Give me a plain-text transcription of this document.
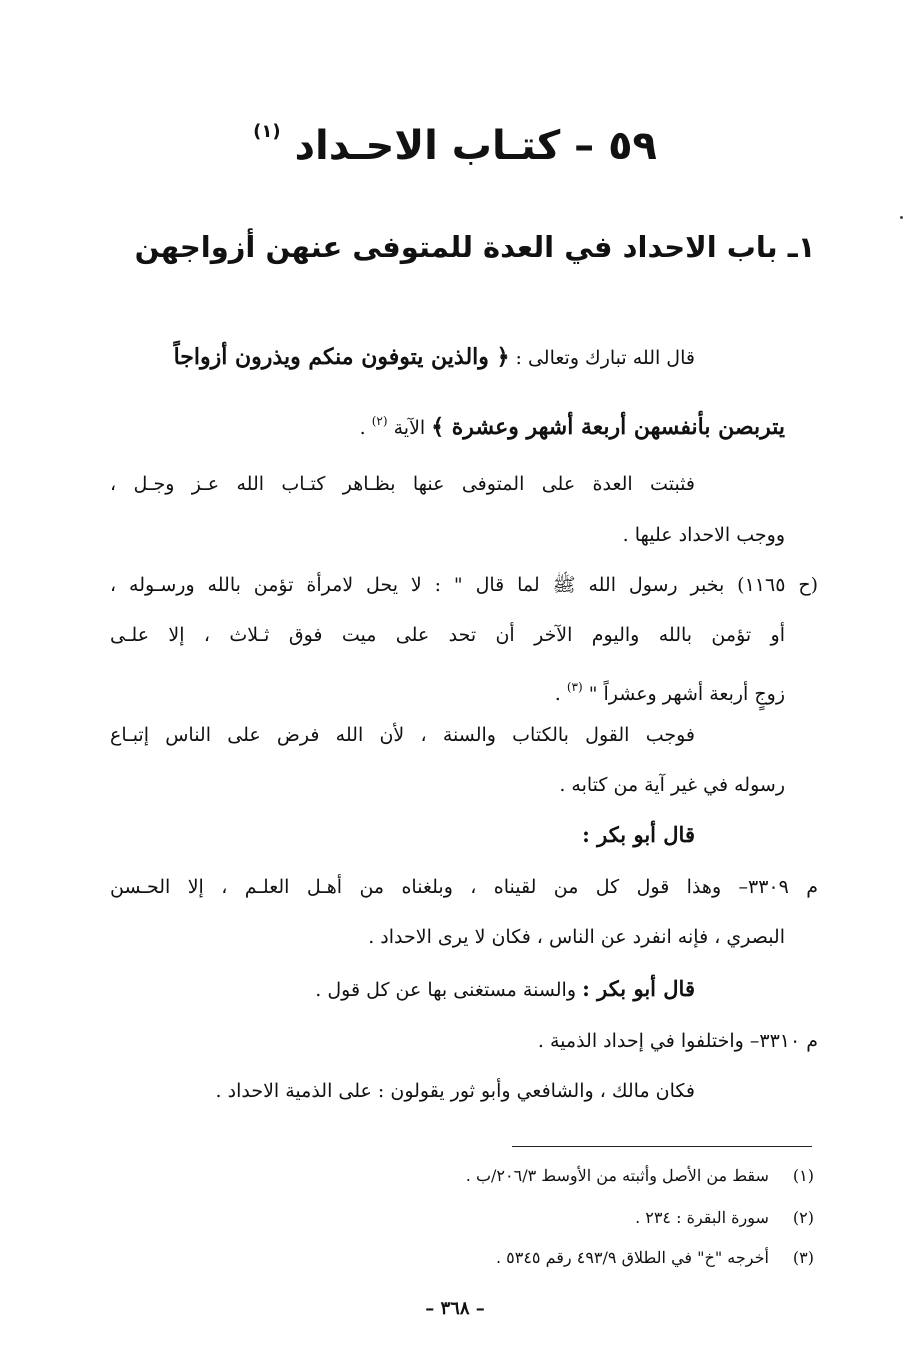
٥٩ – كتـاب الاحـداد $^{(١)}$
١ـ باب الاحداد في العدة للمتوفى عنهن أزواجهن
قال الله تبارك وتعالى : ﴿ والذين يتوفون منكم ويذرون أزواجاً
يتربصن بأنفسهن أربعة أشهر وعشرة ﴾ الآية $^{(٢)}$ .
فثبتت العدة على المتوفى عنها بظـاهر كتـاب الله عـز وجـل ،
ووجب الاحداد عليها .
(ح ١١٦٥) بخبر رسول الله ﷺ لما قال " : لا يحل لامرأة تؤمن بالله ورسـوله ،
أو تؤمن بالله واليوم الآخر أن تحد على ميت فوق ثـلاث ، إلا علـى
زوجٍ أربعة أشهر وعشراً " $^{(٣)}$ .
فوجب القول بالكتاب والسنة ، لأن الله فرض على الناس إتبـاع
رسوله في غير آية من كتابه .
قال أبو بكر :
م ٣٣٠٩– وهذا قول كل من لقيناه ، وبلغناه من أهـل العلـم ، إلا الحـسن
البصري ، فإنه انفرد عن الناس ، فكان لا يرى الاحداد .
قال أبو بكر : والسنة مستغنى بها عن كل قول .
م ٣٣١٠– واختلفوا في إحداد الذمية .
فكان مالك ، والشافعي وأبو ثور يقولون : على الذمية الاحداد .
(١) سقط من الأصل وأثبته من الأوسط ٢٠٦/٣/ب .
(٢) سورة البقرة : ٢٣٤ .
(٣) أخرجه "خ" في الطلاق ٤٩٣/٩ رقم ٥٣٤٥ .
– ٣٦٨ –
